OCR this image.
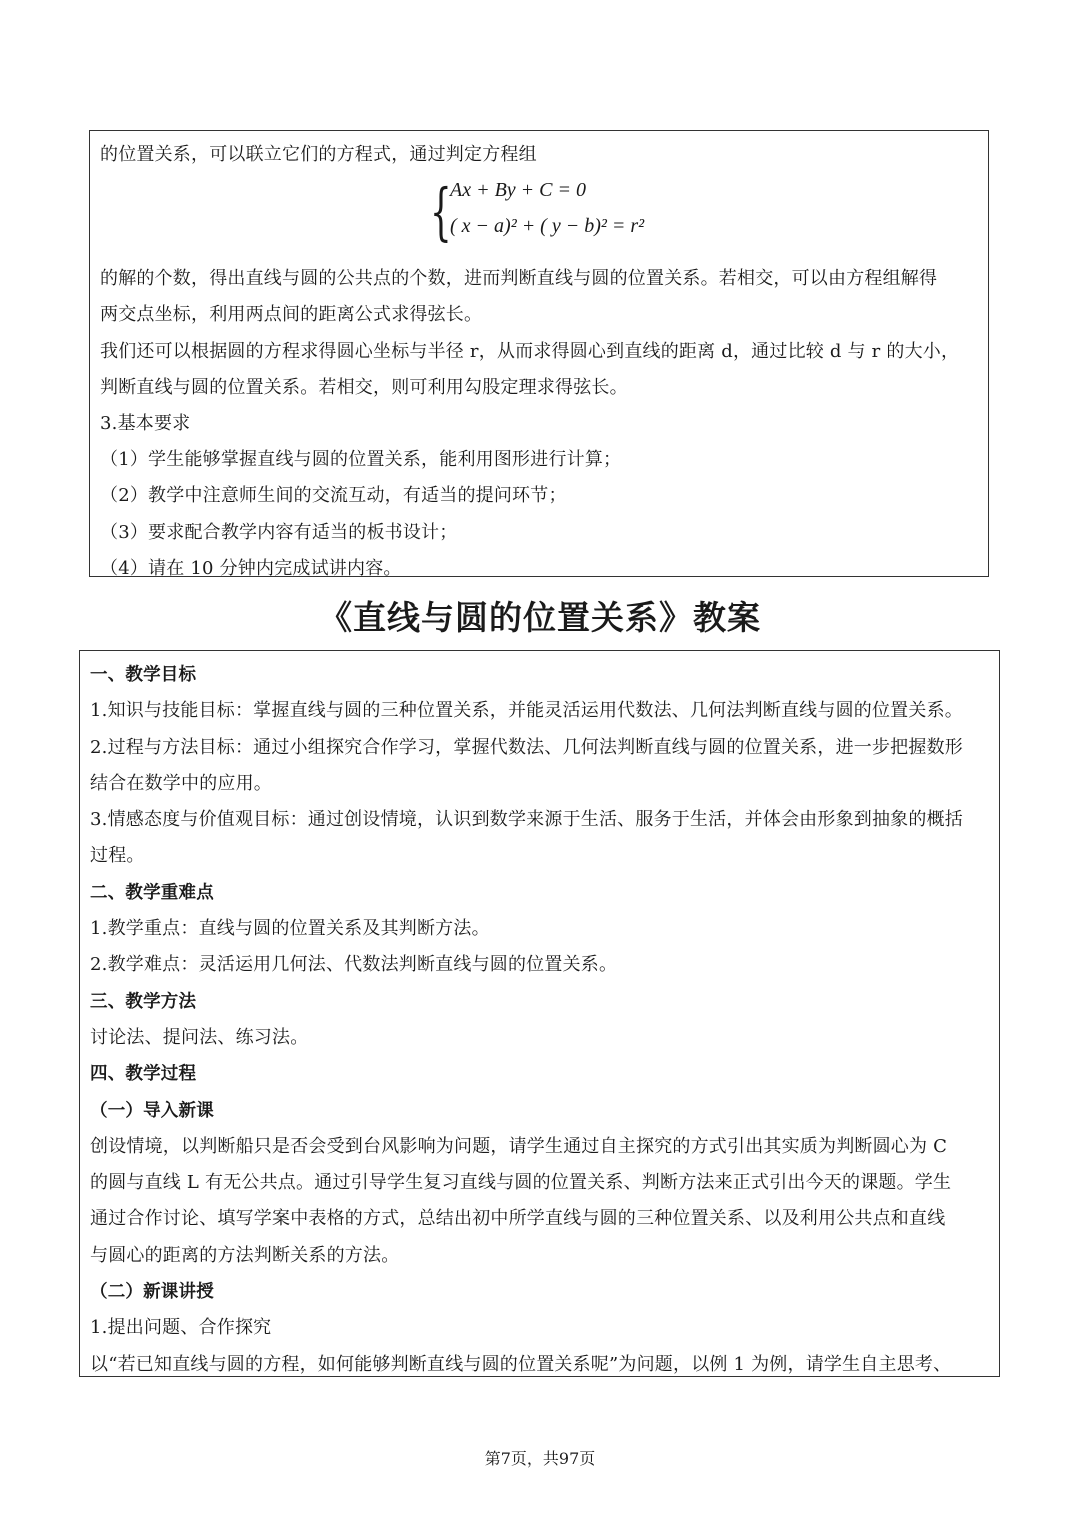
的位置关系，可以联立它们的方程式，通过判定方程组
{
Ax + By + C = 0
( x − a)² + ( y − b)² = r²
的解的个数，得出直线与圆的公共点的个数，进而判断直线与圆的位置关系。若相交，可以由方程组解得
两交点坐标，利用两点间的距离公式求得弦长。
我们还可以根据圆的方程求得圆心坐标与半径 r，从而求得圆心到直线的距离 d，通过比较 d 与 r 的大小，
判断直线与圆的位置关系。若相交，则可利用勾股定理求得弦长。
3.基本要求
（1）学生能够掌握直线与圆的位置关系，能利用图形进行计算；
（2）教学中注意师生间的交流互动，有适当的提问环节；
（3）要求配合教学内容有适当的板书设计；
（4）请在 10 分钟内完成试讲内容。
《直线与圆的位置关系》教案
一、教学目标
1.知识与技能目标：掌握直线与圆的三种位置关系，并能灵活运用代数法、几何法判断直线与圆的位置关系。
2.过程与方法目标：通过小组探究合作学习，掌握代数法、几何法判断直线与圆的位置关系，进一步把握数形
结合在数学中的应用。
3.情感态度与价值观目标：通过创设情境，认识到数学来源于生活、服务于生活，并体会由形象到抽象的概括
过程。
二、教学重难点
1.教学重点：直线与圆的位置关系及其判断方法。
2.教学难点：灵活运用几何法、代数法判断直线与圆的位置关系。
三、教学方法
讨论法、提问法、练习法。
四、教学过程
（一）导入新课
创设情境，以判断船只是否会受到台风影响为问题，请学生通过自主探究的方式引出其实质为判断圆心为 C
的圆与直线 L 有无公共点。通过引导学生复习直线与圆的位置关系、判断方法来正式引出今天的课题。学生
通过合作讨论、填写学案中表格的方式，总结出初中所学直线与圆的三种位置关系、以及利用公共点和直线
与圆心的距离的方法判断关系的方法。
（二）新课讲授
1.提出问题、合作探究
以“若已知直线与圆的方程，如何能够判断直线与圆的位置关系呢”为问题，以例 1 为例，请学生自主思考、
第7页，共97页
